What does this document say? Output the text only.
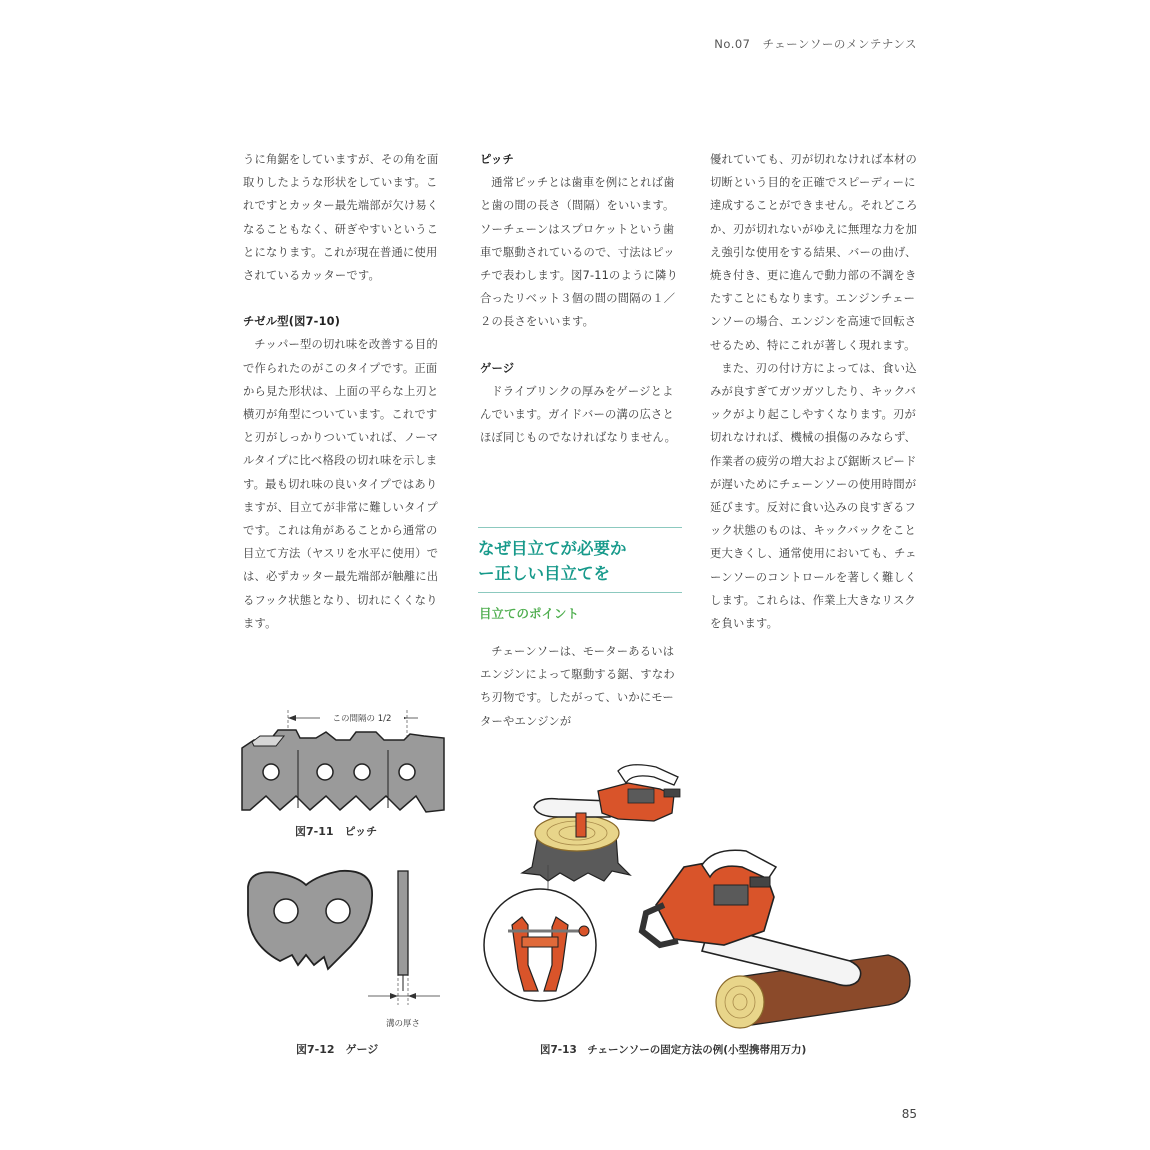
No.07　チェーンソーのメンテナンス

うに角鋸をしていますが、その角を面取りしたような形状をしています。これですとカッター最先端部が欠け易くなることもなく、研ぎやすいということになります。これが現在普通に使用されているカッターです。

チゼル型(図7-10)

チッパー型の切れ味を改善する目的で作られたのがこのタイプです。正面から見た形状は、上面の平らな上刃と横刃が角型についています。これですと刃がしっかりついていれば、ノーマルタイプに比べ格段の切れ味を示します。最も切れ味の良いタイプではありますが、目立てが非常に難しいタイプです。これは角があることから通常の目立て方法（ヤスリを水平に使用）では、必ずカッター最先端部が触離に出るフック状態となり、切れにくくなります。

ピッチ

通常ピッチとは歯車を例にとれば歯と歯の間の長さ（間隔）をいいます。ソーチェーンはスプロケットという歯車で駆動されているので、寸法はピッチで表わします。図7-11のように隣り合ったリベット３個の間の間隔の１／２の長さをいいます。

ゲージ

ドライブリンクの厚みをゲージとよんでいます。ガイドバーの溝の広さとほぼ同じものでなければなりません。

なぜ目立てが必要か
ー正しい目立てを
目立てのポイント

チェーンソーは、モーターあるいはエンジンによって駆動する鋸、すなわち刃物です。したがって、いかにモーターやエンジンが

優れていても、刃が切れなければ本材の切断という目的を正確でスピーディーに達成することができません。それどころか、刃が切れないがゆえに無理な力を加え強引な使用をする結果、バーの曲げ、焼き付き、更に進んで動力部の不調をきたすことにもなります。エンジンチェーンソーの場合、エンジンを高速で回転させるため、特にこれが著しく現れます。

また、刃の付け方によっては、食い込みが良すぎてガツガツしたり、キックバックがより起こしやすくなります。刃が切れなければ、機械の損傷のみならず、作業者の疲労の増大および鋸断スピードが遅いためにチェーンソーの使用時間が延びます。反対に食い込みの良すぎるフック状態のものは、キックバックをこと更大きくし、通常使用においても、チェーンソーのコントロールを著しく難しくします。これらは、作業上大きなリスクを負います。

この間隔の 1/2
図7-11　ピッチ
溝の厚さ
図7-12　ゲージ	図7-13　チェーンソーの固定方法の例(小型携帯用万力)
85
